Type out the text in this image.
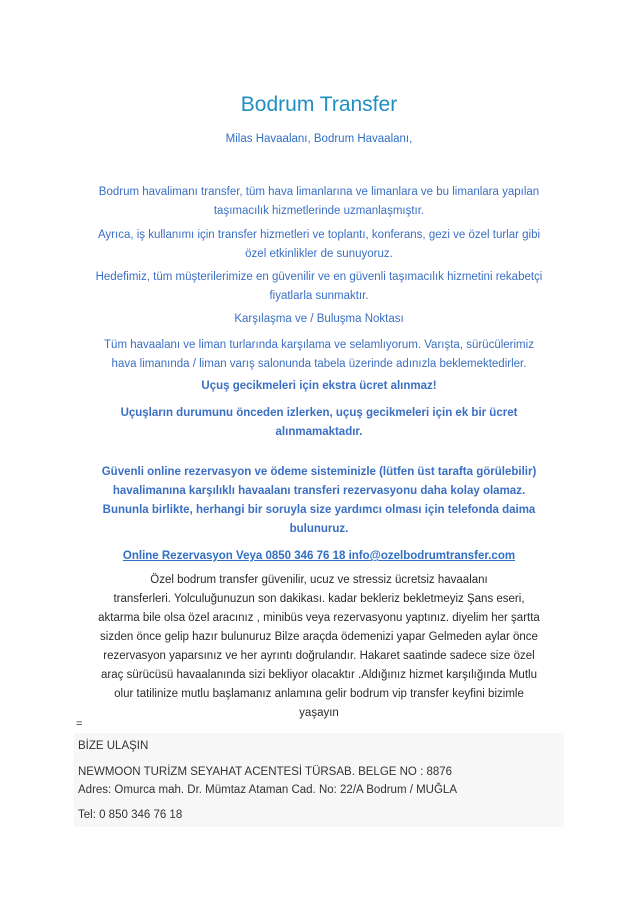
Bodrum Transfer
Milas Havaalanı, Bodrum Havaalanı,
Bodrum havalimanı transfer, tüm hava limanlarına ve limanlara ve bu limanlara yapılan
taşımacılık hizmetlerinde uzmanlaşmıştır.
Ayrıca, iş kullanımı için transfer hizmetleri ve toplantı, konferans, gezi ve özel turlar gibi
özel etkinlikler de sunuyoruz.
Hedefimiz, tüm müşterilerimize en güvenilir ve en güvenli taşımacılık hizmetini rekabetçi
fiyatlarla sunmaktır.
Karşılaşma ve / Buluşma Noktası
Tüm havaalanı ve liman turlarında karşılama ve selamlıyorum. Varışta, sürücülerimiz
hava limanında / liman varış salonunda tabela üzerinde adınızla beklemektedirler.
Uçuş gecikmeleri için ekstra ücret alınmaz!
Uçuşların durumunu önceden izlerken, uçuş gecikmeleri için ek bir ücret
alınmamaktadır.
Güvenli online rezervasyon ve ödeme sisteminizle (lütfen üst tarafta görülebilir)
havalimanına karşılıklı havaalanı transferi rezervasyonu daha kolay olamaz.
Bununla birlikte, herhangi bir soruyla size yardımcı olması için telefonda daima
bulunuruz.
Online Rezervasyon Veya 0850 346 76 18 info@ozelbodrumtransfer.com
Özel bodrum transfer güvenilir, ucuz ve stressiz ücretsiz havaalanı
transferleri. Yolculuğunuzun son dakikası. kadar bekleriz bekletmeyiz Şans eseri,
aktarma bile olsa özel aracınız , minibüs veya rezervasyonu yaptınız. diyelim her şartta
sizden önce gelip hazır bulunuruz Bilze araçda ödemenizi yapar Gelmeden aylar önce
rezervasyon yaparsınız ve her ayrıntı doğrulandır. Hakaret saatinde sadece size özel
araç sürücüsü havaalanında sizi bekliyor olacaktır .Aldığınız hizmet karşılığında Mutlu
olur tatilinize mutlu başlamanız anlamına gelir bodrum vip transfer keyfini bizimle
yaşayın
=
BİZE ULAŞIN
NEWMOON TURİZM SEYAHAT ACENTESİ TÜRSAB. BELGE NO : 8876
Adres: Omurca mah. Dr. Mümtaz Ataman Cad. No: 22/A Bodrum / MUĞLA
Tel: 0 850 346 76 18
